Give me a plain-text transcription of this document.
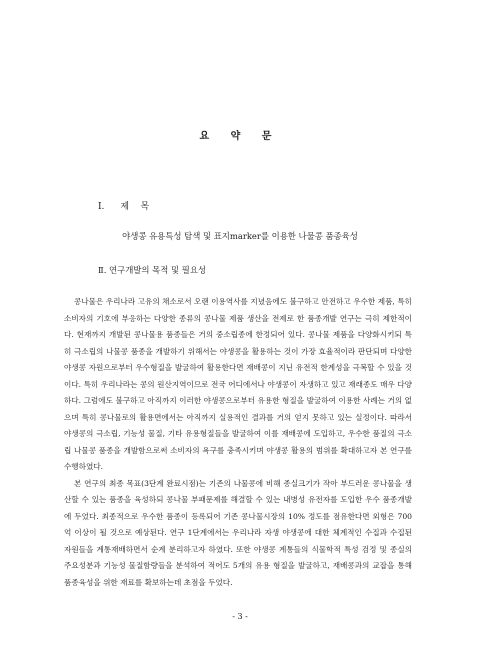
요 약 문
Ⅰ. 제    목
야생콩 유용특성 탐색 및 표지marker를 이용한 나물콩 품종육성
Ⅱ. 연구개발의 목적 및 필요성

콩나물은 우리나라 고유의 채소로서 오랜 이용역사를 지녔음에도 불구하고 안전하고 우수한 제품, 특히 소비자의 기호에 부응하는 다양한 종류의 콩나물 제품 생산을 전제로 한 품종개발 연구는 극히 제한적이다. 현재까지 개발된 콩나물용 품종들은 거의 중소립종에 한정되어 있다. 콩나물 제품을 다양화시키되 특히 극소립의 나물콩 품종을 개발하기 위해서는 야생콩을 활용하는 것이 가장 효율적이라 판단되며 다양한 야생콩 자원으로부터 우수형질을 발굴하여 활용한다면 재배콩이 지닌 유전적 한계성을 극복할 수 있을 것이다. 특히 우리나라는 콩의 원산지역이므로 전국 어디에서나 야생콩이 자생하고 있고 재래종도 매우 다양하다. 그럼에도 불구하고 아직까지 이러한 야생콩으로부터 유용한 형질을 발굴하여 이용한 사례는 거의 없으며 특히 콩나물로의 활용면에서는 아직까지 실용적인 결과를 거의 얻지 못하고 있는 실정이다. 따라서 야생콩의 극소립, 기능성 물질, 기타 유용형질들을 발굴하여 이를 재배콩에 도입하고, 우수한 품질의 극소립 나물콩 품종을 개발함으로써 소비자의 욕구를 충족시키며 야생콩 활용의 범위를 확대하고자 본 연구를 수행하였다.

본 연구의 최종 목표(3단계 완료시점)는 기존의 나물콩에 비해 종실크기가 작아 부드러운 콩나물을 생산할 수 있는 품종을 육성하되 콩나물 부패문제를 해결할 수 있는 내병성 유전자를 도입한 우수 품종개발에 두었다. 최종적으로 우수한 품종이 등록되어 기존 콩나물시장의 10% 정도를 점유한다면 외형은 700억 이상이 될 것으로 예상된다. 연구 1단계에서는 우리나라 자생 야생콩에 대한 체계적인 수집과 수집된 자원들을 계통재배하면서 순계 분리하고자 하였다. 또한 야생콩 계통들의 식물학적 특성 검정 및 종실의 주요성분과 기능성 물질함량들을 분석하여 적어도 5개의 유용 형질을 발굴하고, 재배콩과의 교잡을 통해 품종육성을 위한 재료를 확보하는데 초점을 두었다.

- 3 -
